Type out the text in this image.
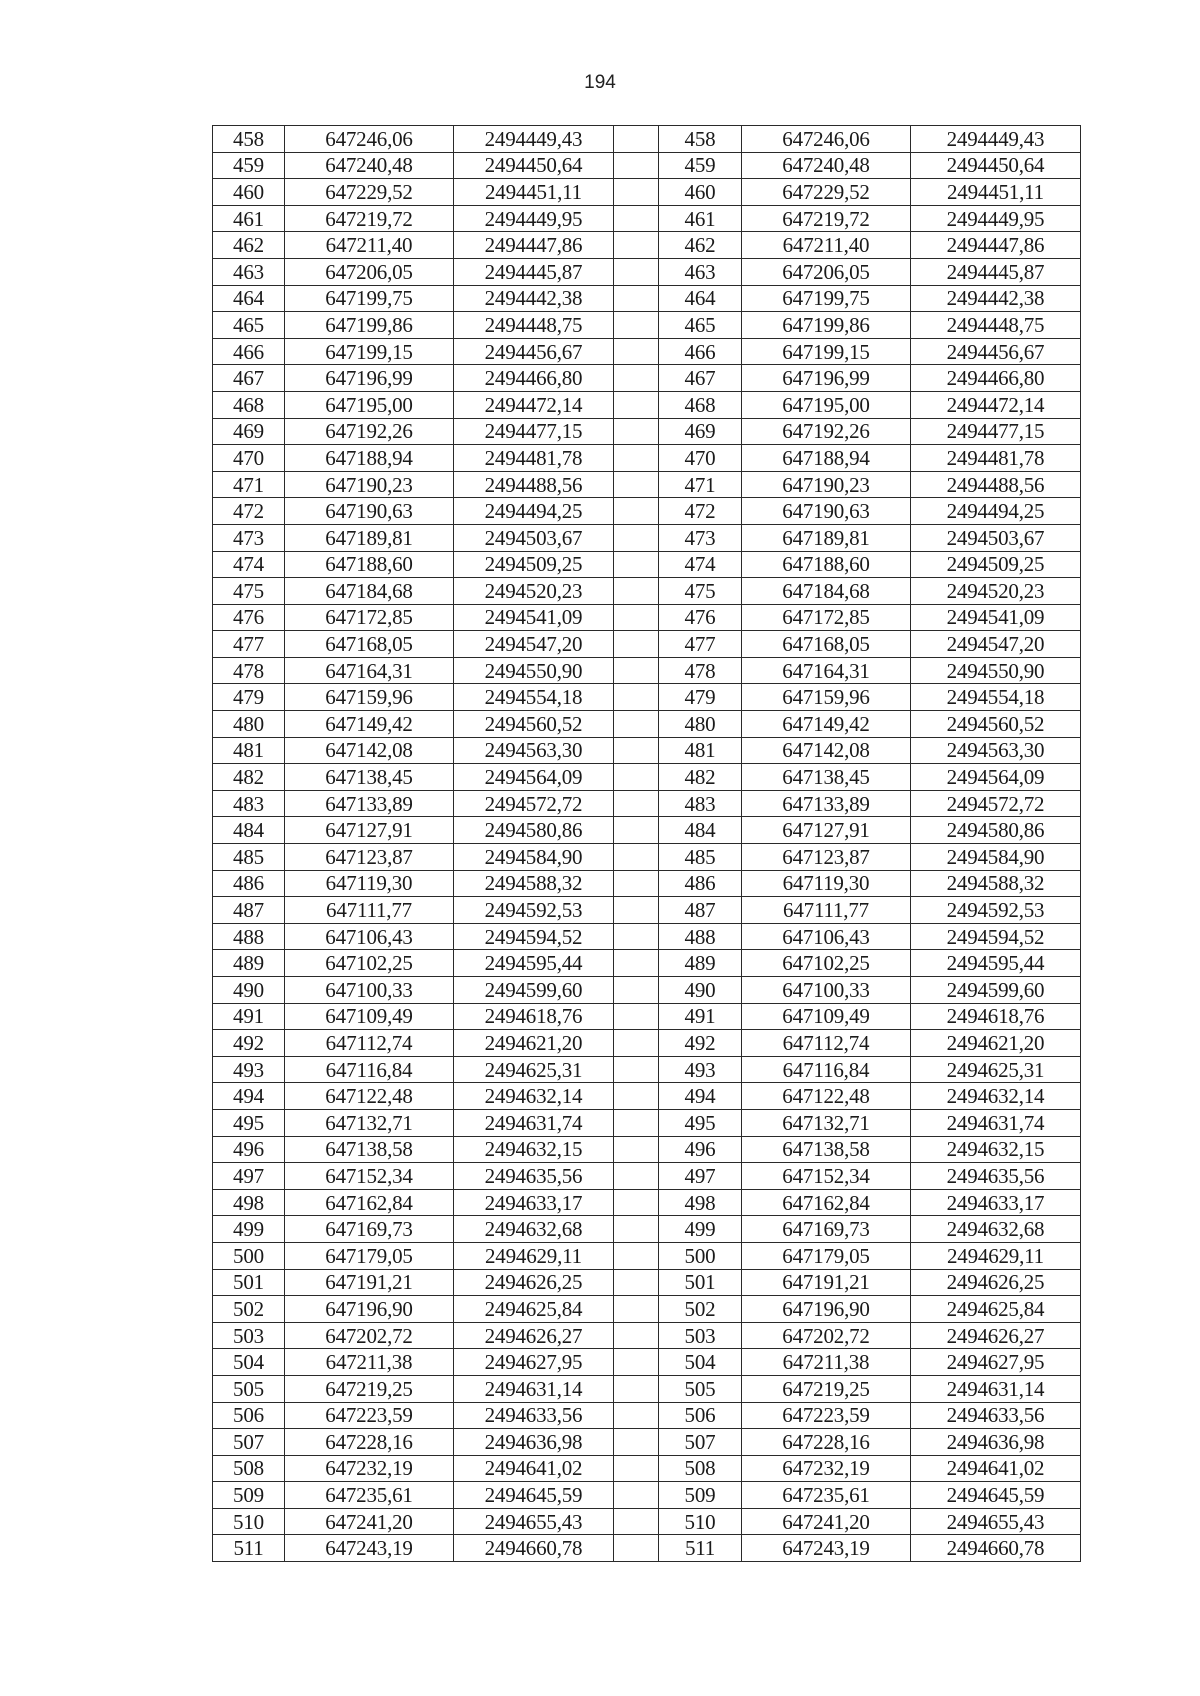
194
458	647246,06	2494449,43		458	647246,06	2494449,43
459	647240,48	2494450,64		459	647240,48	2494450,64
460	647229,52	2494451,11		460	647229,52	2494451,11
461	647219,72	2494449,95		461	647219,72	2494449,95
462	647211,40	2494447,86		462	647211,40	2494447,86
463	647206,05	2494445,87		463	647206,05	2494445,87
464	647199,75	2494442,38		464	647199,75	2494442,38
465	647199,86	2494448,75		465	647199,86	2494448,75
466	647199,15	2494456,67		466	647199,15	2494456,67
467	647196,99	2494466,80		467	647196,99	2494466,80
468	647195,00	2494472,14		468	647195,00	2494472,14
469	647192,26	2494477,15		469	647192,26	2494477,15
470	647188,94	2494481,78		470	647188,94	2494481,78
471	647190,23	2494488,56		471	647190,23	2494488,56
472	647190,63	2494494,25		472	647190,63	2494494,25
473	647189,81	2494503,67		473	647189,81	2494503,67
474	647188,60	2494509,25		474	647188,60	2494509,25
475	647184,68	2494520,23		475	647184,68	2494520,23
476	647172,85	2494541,09		476	647172,85	2494541,09
477	647168,05	2494547,20		477	647168,05	2494547,20
478	647164,31	2494550,90		478	647164,31	2494550,90
479	647159,96	2494554,18		479	647159,96	2494554,18
480	647149,42	2494560,52		480	647149,42	2494560,52
481	647142,08	2494563,30		481	647142,08	2494563,30
482	647138,45	2494564,09		482	647138,45	2494564,09
483	647133,89	2494572,72		483	647133,89	2494572,72
484	647127,91	2494580,86		484	647127,91	2494580,86
485	647123,87	2494584,90		485	647123,87	2494584,90
486	647119,30	2494588,32		486	647119,30	2494588,32
487	647111,77	2494592,53		487	647111,77	2494592,53
488	647106,43	2494594,52		488	647106,43	2494594,52
489	647102,25	2494595,44		489	647102,25	2494595,44
490	647100,33	2494599,60		490	647100,33	2494599,60
491	647109,49	2494618,76		491	647109,49	2494618,76
492	647112,74	2494621,20		492	647112,74	2494621,20
493	647116,84	2494625,31		493	647116,84	2494625,31
494	647122,48	2494632,14		494	647122,48	2494632,14
495	647132,71	2494631,74		495	647132,71	2494631,74
496	647138,58	2494632,15		496	647138,58	2494632,15
497	647152,34	2494635,56		497	647152,34	2494635,56
498	647162,84	2494633,17		498	647162,84	2494633,17
499	647169,73	2494632,68		499	647169,73	2494632,68
500	647179,05	2494629,11		500	647179,05	2494629,11
501	647191,21	2494626,25		501	647191,21	2494626,25
502	647196,90	2494625,84		502	647196,90	2494625,84
503	647202,72	2494626,27		503	647202,72	2494626,27
504	647211,38	2494627,95		504	647211,38	2494627,95
505	647219,25	2494631,14		505	647219,25	2494631,14
506	647223,59	2494633,56		506	647223,59	2494633,56
507	647228,16	2494636,98		507	647228,16	2494636,98
508	647232,19	2494641,02		508	647232,19	2494641,02
509	647235,61	2494645,59		509	647235,61	2494645,59
510	647241,20	2494655,43		510	647241,20	2494655,43
511	647243,19	2494660,78		511	647243,19	2494660,78
